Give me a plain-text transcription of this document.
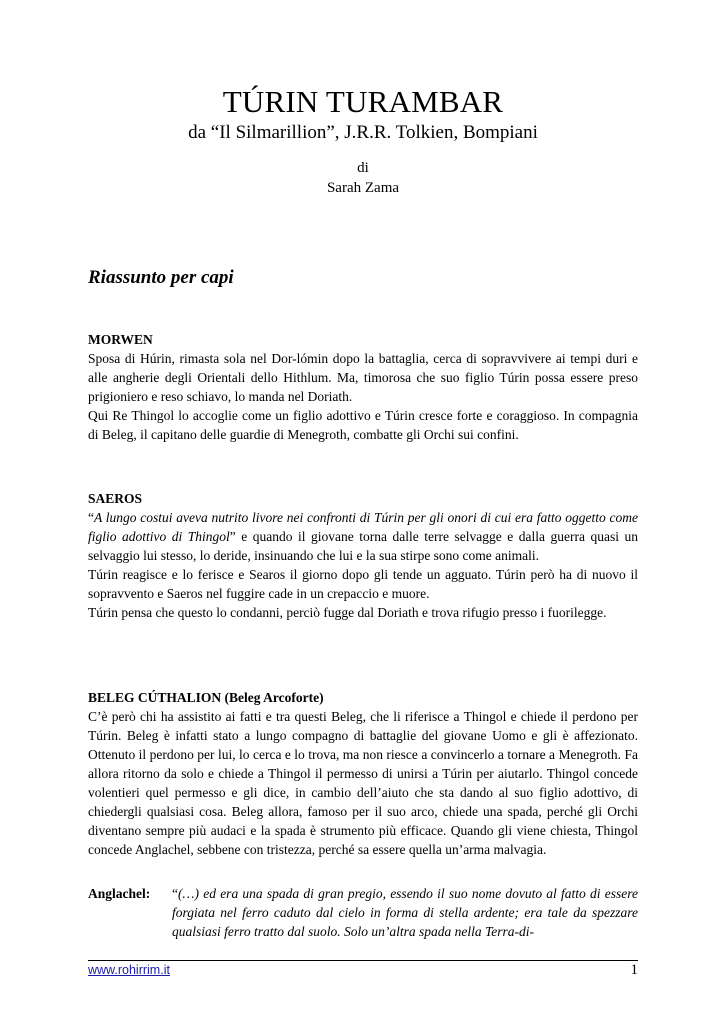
TÚRIN TURAMBAR
da “Il Silmarillion”, J.R.R. Tolkien, Bompiani
di
Sarah Zama
Riassunto per capi
MORWEN

Sposa di Húrin, rimasta sola nel Dor-lómin dopo la battaglia, cerca di sopravvivere ai tempi duri e alle angherie degli Orientali dello Hithlum. Ma, timorosa che suo figlio Túrin possa essere preso prigioniero e reso schiavo, lo manda nel Doriath.

Qui Re Thingol lo accoglie come un figlio adottivo e Túrin cresce forte e coraggioso. In compagnia di Beleg, il capitano delle guardie di Menegroth, combatte gli Orchi sui confini.

SAEROS

“A lungo costui aveva nutrito livore nei confronti di Túrin per gli onori di cui era fatto oggetto come figlio adottivo di Thingol” e quando il giovane torna dalle terre selvagge e dalla guerra quasi un selvaggio lui stesso, lo deride, insinuando che lui e la sua stirpe sono come animali.

Túrin reagisce e lo ferisce e Searos il giorno dopo gli tende un agguato. Túrin però ha di nuovo il sopravvento e Saeros nel fuggire cade in un crepaccio e muore.

Túrin pensa che questo lo condanni, perciò fugge dal Doriath e trova rifugio presso i fuorilegge.

BELEG CÚTHALION (Beleg Arcoforte)

C’è però chi ha assistito ai fatti e tra questi Beleg, che li riferisce a Thingol e chiede il perdono per Túrin. Beleg è infatti stato a lungo compagno di battaglie del giovane Uomo e gli è affezionato. Ottenuto il perdono per lui, lo cerca e lo trova, ma non riesce a convincerlo a tornare a Menegroth. Fa allora ritorno da solo e chiede a Thingol il permesso di unirsi a Túrin per aiutarlo. Thingol concede volentieri quel permesso e gli dice, in cambio dell’aiuto che sta dando al suo figlio adottivo, di chiedergli qualsiasi cosa. Beleg allora, famoso per il suo arco, chiede una spada, perché gli Orchi diventano sempre più audaci e la spada è strumento più efficace. Quando gli viene chiesta, Thingol concede Anglachel, sebbene con tristezza, perché sa essere quella un’arma malvagia.

Anglachel: “(…) ed era una spada di gran pregio, essendo il suo nome dovuto al fatto di essere forgiata nel ferro caduto dal cielo in forma di stella ardente; era tale da spezzare qualsiasi ferro tratto dal suolo. Solo un’altra spada nella Terra-di-
www.rohirrim.it	1
